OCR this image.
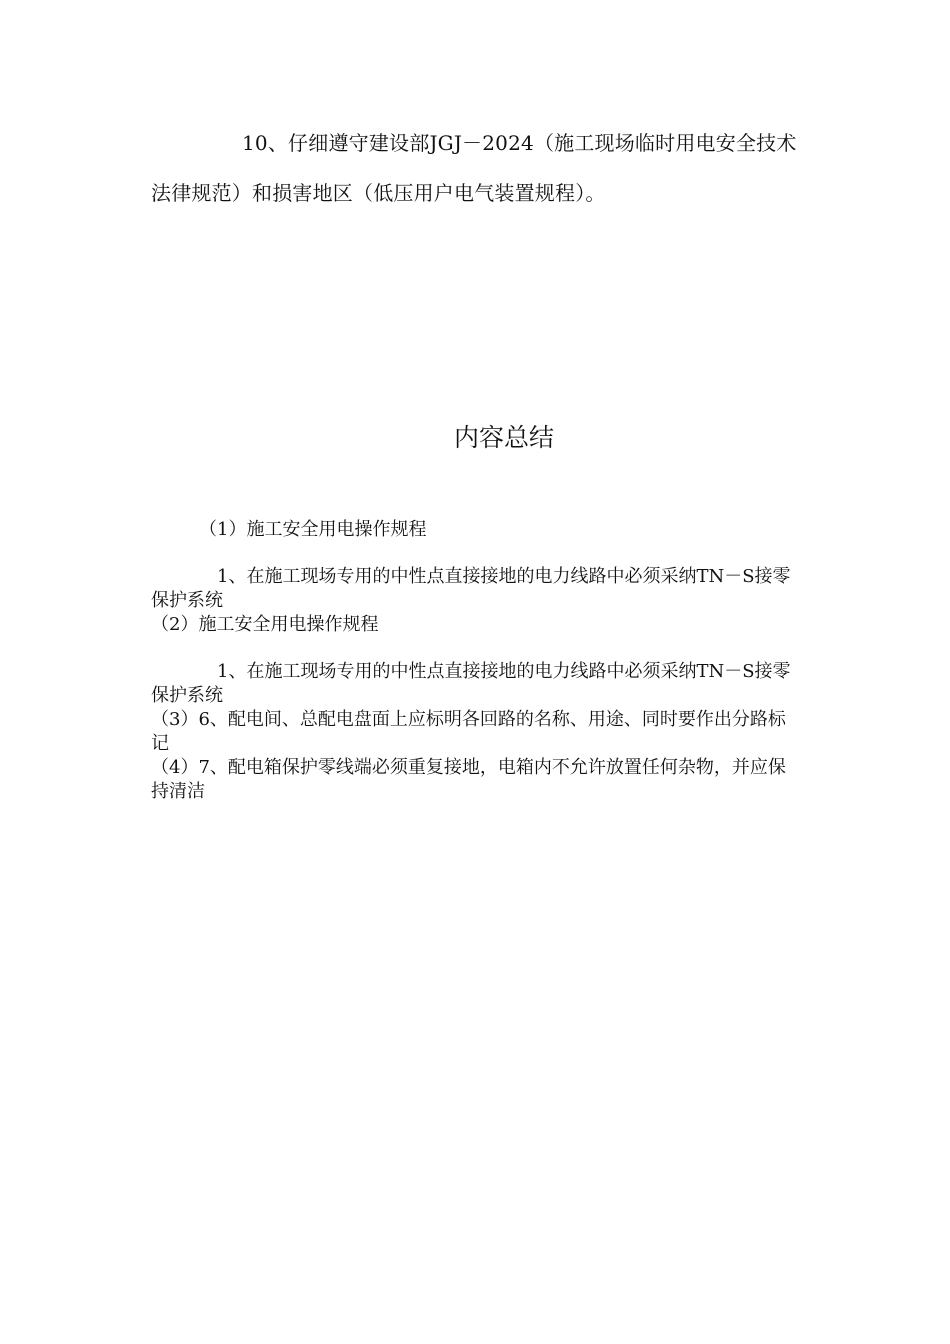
10、仔细遵守建设部JGJ－2024（施工现场临时用电安全技术法律规范）和损害地区（低压用户电气装置规程）。

内容总结

（1）施工安全用电操作规程

1、在施工现场专用的中性点直接接地的电力线路中必须采纳TN－S接零保护系统

（2）施工安全用电操作规程

1、在施工现场专用的中性点直接接地的电力线路中必须采纳TN－S接零保护系统

（3）6、配电间、总配电盘面上应标明各回路的名称、用途、同时要作出分路标记

（4）7、配电箱保护零线端必须重复接地，电箱内不允许放置任何杂物，并应保持清洁
